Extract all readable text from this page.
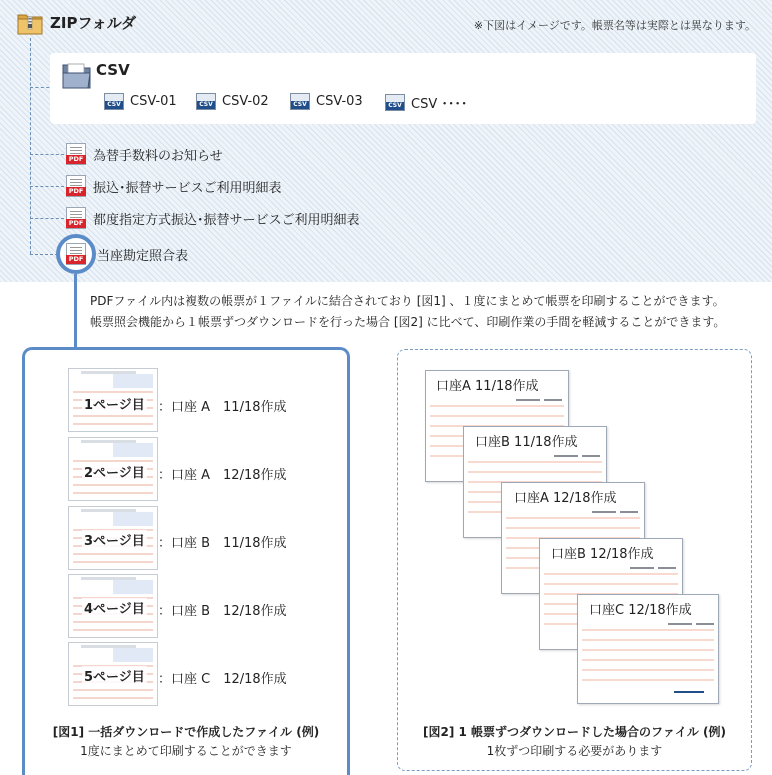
ZIPフォルダ	※下図はイメージです。帳票名等は実際とは異なります。
CSV
CSV
CSV-01 CSV	CSV-02 CSV	CSV-03 CSV	CSV ････
PDF
為替手数料のお知らせ
PDF
振込･振替サービスご利用明細表
PDF
都度指定方式振込･振替サービスご利用明細表
PDF
当座勘定照合表
PDFファイル内は複数の帳票が１ファイルに結合されており [図1] 、１度にまとめて帳票を印刷することができます。
帳票照会機能から１帳票ずつダウンロードを行った場合 [図2] に比べて、印刷作業の手間を軽減することができます。
1ページ目 ：口座 A　11/18作成
2ページ目 ：口座 A　12/18作成
3ページ目 ：口座 B　11/18作成
4ページ目 ：口座 B　12/18作成
5ページ目 ：口座 C　12/18作成
[図1] 一括ダウンロードで作成したファイル (例)
1度にまとめて印刷することができます
口座A 11/18作成
口座B 11/18作成
口座A 12/18作成
口座B 12/18作成
口座C 12/18作成
[図2] 1 帳票ずつダウンロードした場合のファイル (例)
1枚ずつ印刷する必要があります
